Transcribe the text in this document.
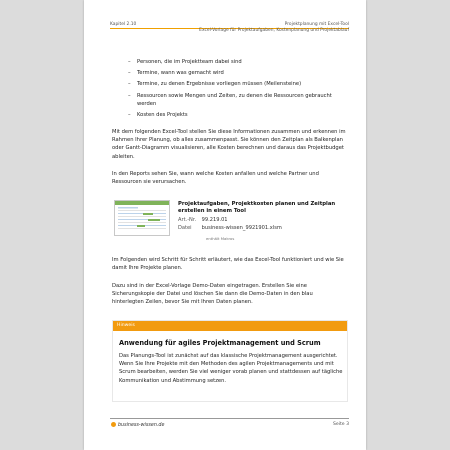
Kapitel 2.10	Projektplanung mit Excel-Tool
Excel-Vorlage für Projektaufgaben, Kostenplanung und Projektablauf
– Personen, die im Projektteam dabei sind
– Termine, wann was gemacht wird
– Termine, zu denen Ergebnisse vorliegen müssen (Meilensteine)
– Ressourcen sowie Mengen und Zeiten, zu denen die Ressourcen gebraucht werden
– Kosten des Projekts
Mit dem folgenden Excel-Tool stellen Sie diese Informationen zusammen und erkennen im Rahmen Ihrer Planung, ob alles zusammenpasst. Sie können den Zeitplan als Balkenplan oder Gantt-Diagramm visualisieren, alle Kosten berechnen und daraus das Projektbudget ableiten.
In den Reports sehen Sie, wann welche Kosten anfallen und welche Partner und Ressourcen sie verursachen.
Projektaufgaben, Projektkosten planen und Zeitplan erstellen in einem Tool
Art.-Nr. 99.219.01
Datei business-wissen_9921901.xlsm
enthält Makros
Im Folgenden wird Schritt für Schritt erläutert, wie das Excel-Tool funktioniert und wie Sie damit Ihre Projekte planen.
Dazu sind in der Excel-Vorlage Demo-Daten eingetragen. Erstellen Sie eine Sicherungskopie der Datei und löschen Sie dann die Demo-Daten in den blau hinterlegten Zeilen, bevor Sie mit Ihren Daten planen.
Hinweis
Anwendung für agiles Projektmanagement und Scrum
Das Planungs-Tool ist zunächst auf das klassische Projektmanagement ausgerichtet. Wenn Sie Ihre Projekte mit den Methoden des agilen Projektmanagements und mit Scrum bearbeiten, werden Sie viel weniger vorab planen und stattdessen auf tägliche Kommunikation und Abstimmung setzen.
business-wissen.de	Seite 3
